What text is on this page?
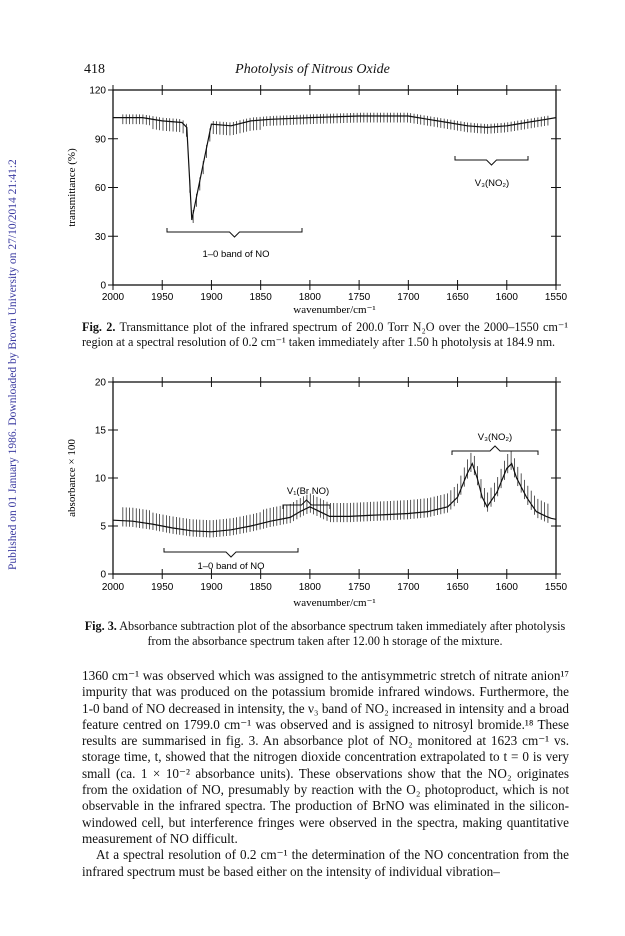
418	Photolysis of Nitrous Oxide
Published on 01 January 1986. Downloaded by Brown University on 27/10/2014 21:41:29.	2000	1950	1900	1850	1800	1750	1700	1650	1600	1550
0
30
60
90
120
wavenumber/cm⁻¹
transmittance (%)
2000	1950	1900	1850	1800	1750	1700	1650	1600	1550
0
5
10
15
20
wavenumber/cm⁻¹
absorbance × 100
1–0 band of NO
V₃(NO₂)
1–0 band of NO
V₁(Br NO)
V₃(NO₂)
Fig. 2. Transmittance plot of the infrared spectrum of 200.0 Torr N₂O over the 2000–1550 cm⁻¹ region at a spectral resolution of 0.2 cm⁻¹ taken immediately after 1.50 h photolysis at 184.9 nm.
Fig. 3. Absorbance subtraction plot of the absorbance spectrum taken immediately after photolysis
from the absorbance spectrum taken after 12.00 h storage of the mixture.

1360 cm⁻¹ was observed which was assigned to the antisymmetric stretch of nitrate anion¹⁷ impurity that was produced on the potassium bromide infrared windows. Furthermore, the 1-0 band of NO decreased in intensity, the ν₃ band of NO₂ increased in intensity and a broad feature centred on 1799.0 cm⁻¹ was observed and is assigned to nitrosyl bromide.¹⁸ These results are summarised in fig. 3. An absorbance plot of NO₂ monitored at 1623 cm⁻¹ vs. storage time, t, showed that the nitrogen dioxide concentration extrapolated to t = 0 is very small (ca. 1 × 10⁻² absorbance units). These observations show that the NO₂ originates from the oxidation of NO, presumably by reaction with the O₂ photoproduct, which is not observable in the infrared spectra. The production of BrNO was eliminated in the silicon-windowed cell, but interference fringes were observed in the spectra, making quantitative measurement of NO difficult.

At a spectral resolution of 0.2 cm⁻¹ the determination of the NO concentration from the infrared spectrum must be based either on the intensity of individual vibration–
